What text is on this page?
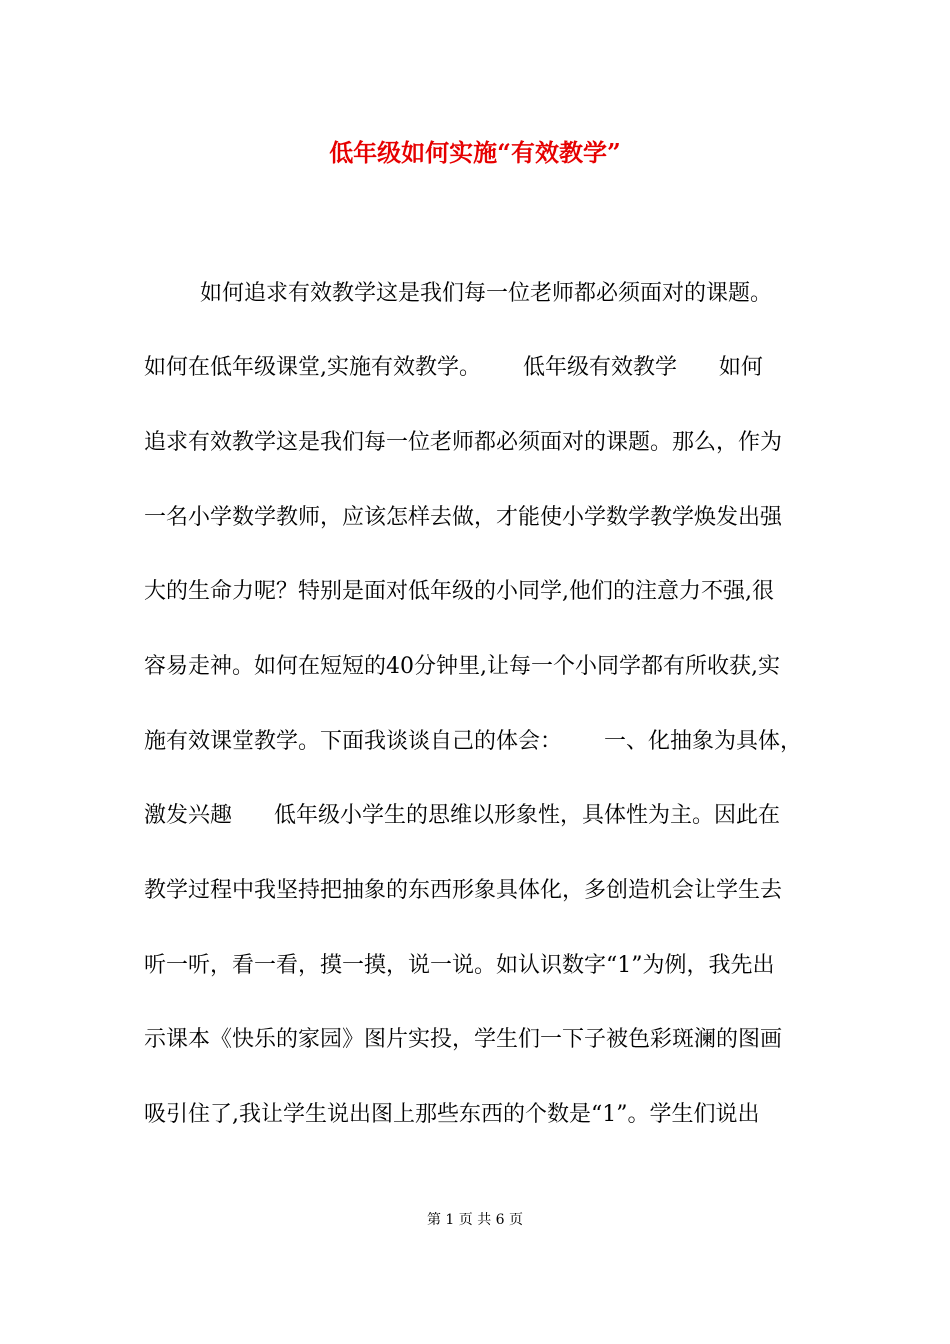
低年级如何实施“有效教学”
如何追求有效教学这是我们每一位老师都必须面对的课题。
如何在低年级课堂,实施有效教学。      低年级有效教学      如何
追求有效教学这是我们每一位老师都必须面对的课题。那么，作为
一名小学数学教师，应该怎样去做，才能使小学数学教学焕发出强
大的生命力呢？特别是面对低年级的小同学,他们的注意力不强,很
容易走神。如何在短短的40分钟里,让每一个小同学都有所收获,实
施有效课堂教学。下面我谈谈自己的体会：      一、化抽象为具体，
激发兴趣      低年级小学生的思维以形象性，具体性为主。因此在
教学过程中我坚持把抽象的东西形象具体化，多创造机会让学生去
听一听，看一看，摸一摸，说一说。如认识数字“1”为例，我先出
示课本《快乐的家园》图片实投，学生们一下子被色彩斑澜的图画
吸引住了,我让学生说出图上那些东西的个数是“1”。学生们说出
第 1 页 共 6 页
